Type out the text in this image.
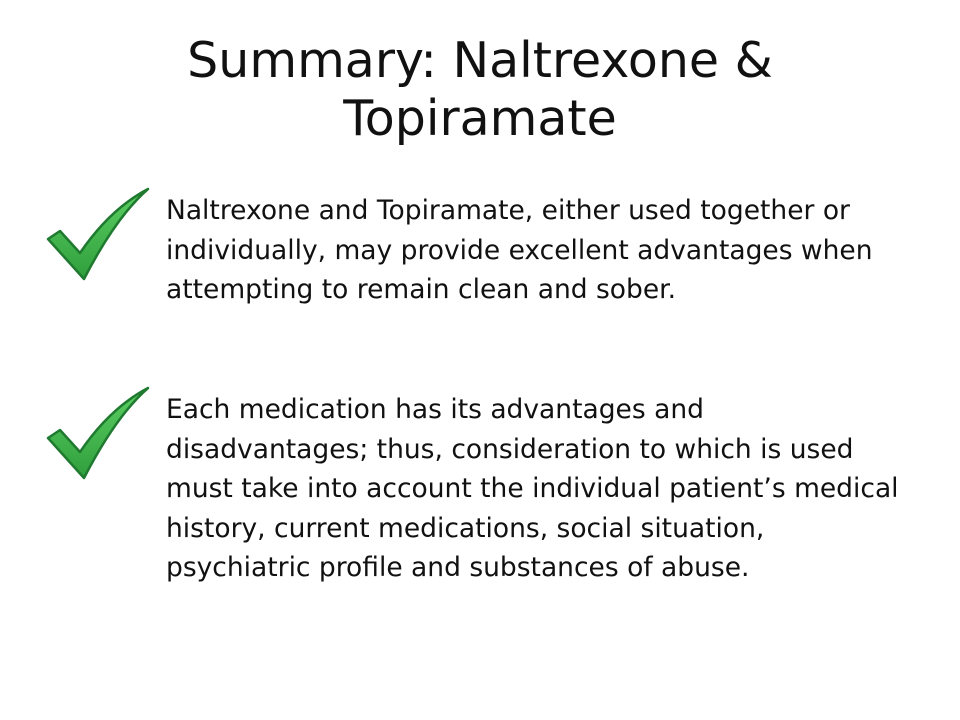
Summary: Naltrexone & Topiramate

Naltrexone and Topiramate, either used together or individually, may provide excellent advantages when attempting to remain clean and sober.

Each medication has its advantages and disadvantages; thus, consideration to which is used must take into account the individual patient’s medical history, current medications, social situation, psychiatric profile and substances of abuse.
